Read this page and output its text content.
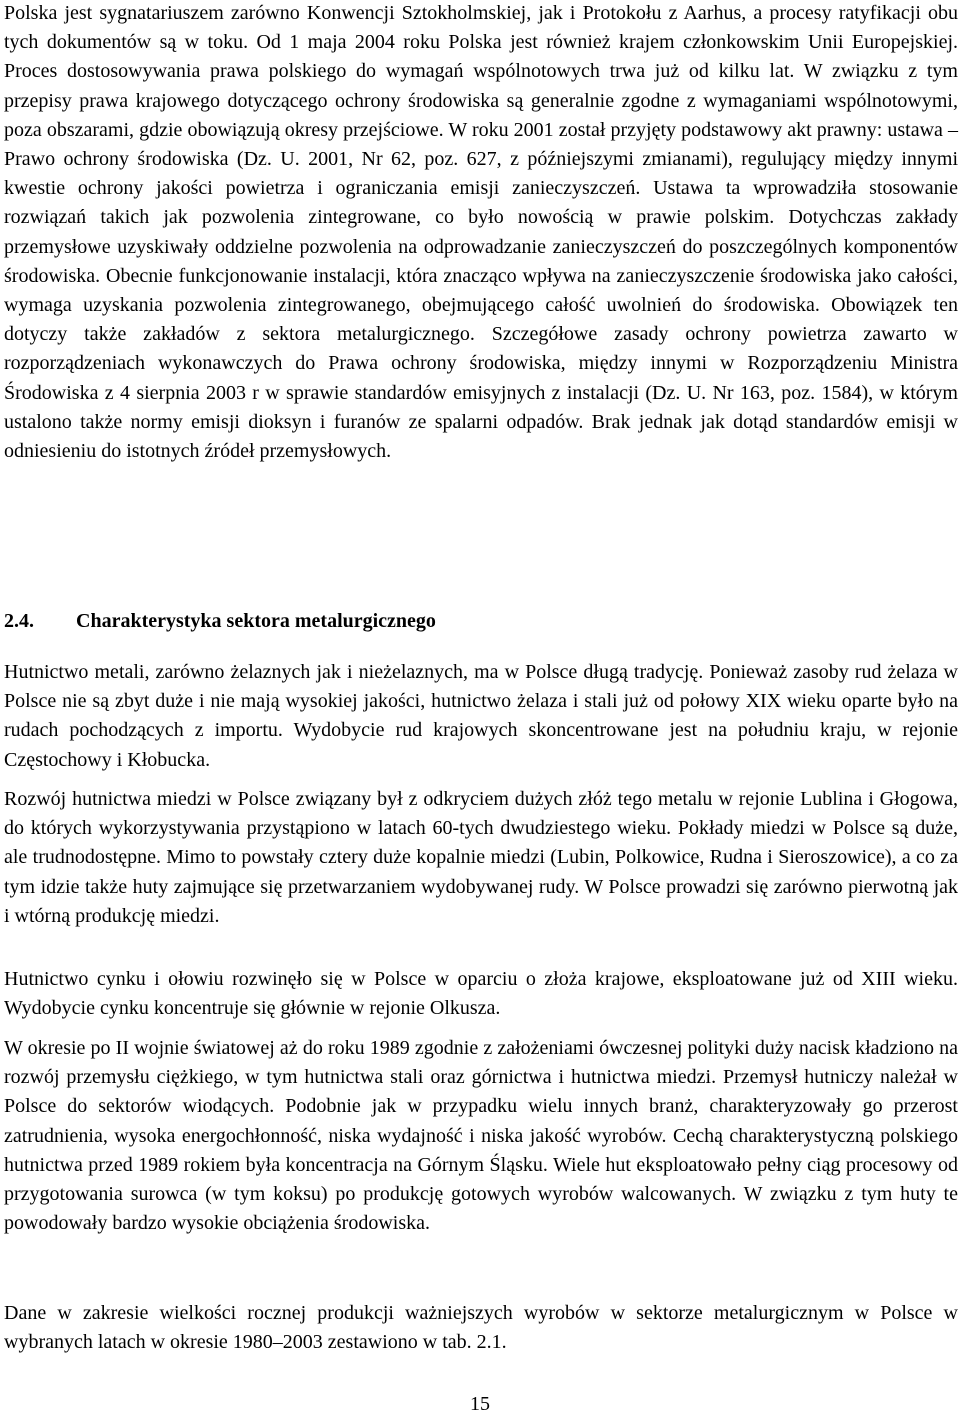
Polska jest sygnatariuszem zarówno Konwencji Sztokholmskiej, jak i Protokołu z Aarhus, a procesy ratyfikacji obu tych dokumentów są w toku. Od 1 maja 2004 roku Polska jest również krajem członkowskim Unii Europejskiej. Proces dostosowywania prawa polskiego do wymagań wspólnotowych trwa już od kilku lat. W związku z tym przepisy prawa krajowego dotyczącego ochrony środowiska są generalnie zgodne z wymaganiami wspólnotowymi, poza obszarami, gdzie obowiązują okresy przejściowe. W roku 2001 został przyjęty podstawowy akt prawny: ustawa – Prawo ochrony środowiska (Dz. U. 2001, Nr 62, poz. 627, z późniejszymi zmianami), regulujący między innymi kwestie ochrony jakości powietrza i ograniczania emisji zanieczyszczeń. Ustawa ta wprowadziła stosowanie rozwiązań takich jak pozwolenia zintegrowane, co było nowością w prawie polskim. Dotychczas zakłady przemysłowe uzyskiwały oddzielne pozwolenia na odprowadzanie zanieczyszczeń do poszczególnych komponentów środowiska. Obecnie funkcjonowanie instalacji, która znacząco wpływa na zanieczyszczenie środowiska jako całości, wymaga uzyskania pozwolenia zintegrowanego, obejmującego całość uwolnień do środowiska. Obowiązek ten dotyczy także zakładów z sektora metalurgicznego. Szczegółowe zasady ochrony powietrza zawarto w rozporządzeniach wykonawczych do Prawa ochrony środowiska, między innymi w Rozporządzeniu Ministra Środowiska z 4 sierpnia 2003 r w sprawie standardów emisyjnych z instalacji (Dz. U. Nr 163, poz. 1584), w którym ustalono także normy emisji dioksyn i furanów ze spalarni odpadów. Brak jednak jak dotąd standardów emisji w odniesieniu do istotnych źródeł przemysłowych.

2.4. Charakterystyka sektora metalurgicznego

Hutnictwo metali, zarówno żelaznych jak i nieżelaznych, ma w Polsce długą tradycję. Ponieważ zasoby rud żelaza w Polsce nie są zbyt duże i nie mają wysokiej jakości, hutnictwo żelaza i stali już od połowy XIX wieku oparte było na rudach pochodzących z importu. Wydobycie rud krajowych skoncentrowane jest na południu kraju, w rejonie Częstochowy i Kłobucka.

Rozwój hutnictwa miedzi w Polsce związany był z odkryciem dużych złóż tego metalu w rejonie Lublina i Głogowa, do których wykorzystywania przystąpiono w latach 60-tych dwudziestego wieku. Pokłady miedzi w Polsce są duże, ale trudnodostępne. Mimo to powstały cztery duże kopalnie miedzi (Lubin, Polkowice, Rudna i Sieroszowice), a co za tym idzie także huty zajmujące się przetwarzaniem wydobywanej rudy. W Polsce prowadzi się zarówno pierwotną jak i wtórną produkcję miedzi.

Hutnictwo cynku i ołowiu rozwinęło się w Polsce w oparciu o złoża krajowe, eksploatowane już od XIII wieku. Wydobycie cynku koncentruje się głównie w rejonie Olkusza.

W okresie po II wojnie światowej aż do roku 1989 zgodnie z założeniami ówczesnej polityki duży nacisk kładziono na rozwój przemysłu ciężkiego, w tym hutnictwa stali oraz górnictwa i hutnictwa miedzi. Przemysł hutniczy należał w Polsce do sektorów wiodących. Podobnie jak w przypadku wielu innych branż, charakteryzowały go przerost zatrudnienia, wysoka energochłonność, niska wydajność i niska jakość wyrobów. Cechą charakterystyczną polskiego hutnictwa przed 1989 rokiem była koncentracja na Górnym Śląsku. Wiele hut eksploatowało pełny ciąg procesowy od przygotowania surowca (w tym koksu) po produkcję gotowych wyrobów walcowanych. W związku z tym huty te powodowały bardzo wysokie obciążenia środowiska.

Dane w zakresie wielkości rocznej produkcji ważniejszych wyrobów w sektorze metalurgicznym w Polsce w wybranych latach w okresie 1980–2003 zestawiono w tab. 2.1.

15
